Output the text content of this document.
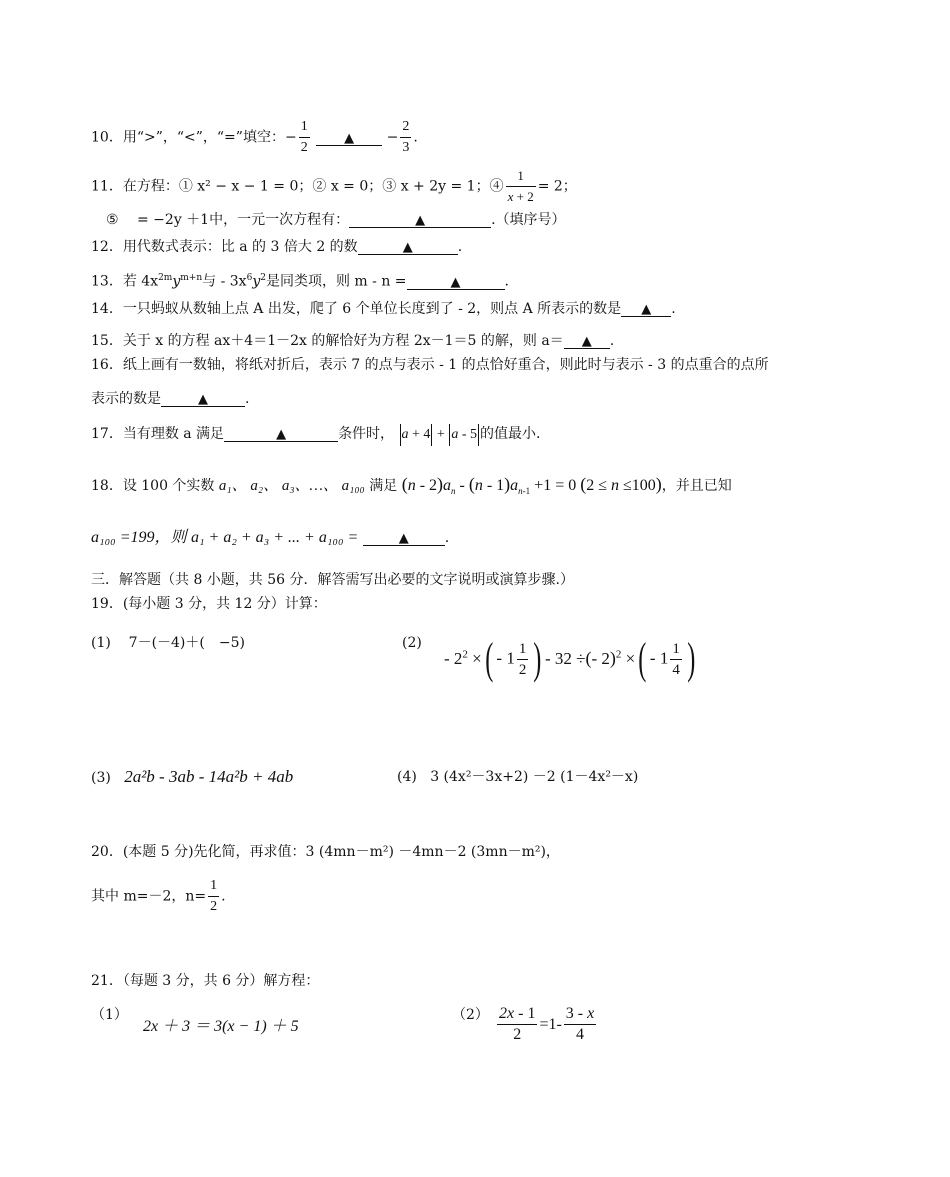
10．用“>”，“<”，“=”填空：− $\frac{1}{2}$	▲ − $\frac{2}{3}$ .
11．在方程：① x² − x − 1 = 0；② x = 0；③ x + 2y = 1；④ $\frac{1}{x + 2} = 2$；
⑤　 = −2y ＋1中，一元一次方程有：	▲	.（填序号）
12．用代数式表示：比 a 的 3 倍大 2 的数	▲	.
13．若 $4x^{2m}y^{m+n}$与 - $3x^6y^2$是同类项，则 m - n =	▲	.
14．一只蚂蚁从数轴上点 A 出发，爬了 6 个单位长度到了 - 2，则点 A 所表示的数是 ▲ .
15．关于 x 的方程 ax＋4＝1－2x 的解恰好为方程 2x－1＝5 的解，则 a＝ ▲ .
16．纸上画有一数轴，将纸对折后，表示 7 的点与表示 - 1 的点恰好重合，则此时与表示 - 3 的点重合的点所
表示的数是	▲	.
17．当有理数 a 满足	▲	条件时， a + 4 + a - 5 的值最小.
18．设 100 个实数 a₁、 a₂、 a₃、…、 a₁₀₀ 满足 $(n - 2)a_n - (n - 1)a_{n-1} +1 = 0$ (2 ≤ n ≤100)，并且已知
a₁₀₀ =199，则 a₁ + a₂ + a₃ + ... + a₁₀₀ =	▲	.
三．解答题（共 8 小题，共 56 分．解答需写出必要的文字说明或演算步骤.）
19．(每小题 3 分，共 12 分）计算：
(1) 7－(－4)＋(　−5)	(2)
- $2^2$ ×( - $1 \frac{1}{2}$ ) - 32 ÷(- 2)$^2$ ×( - $1 \frac{1}{4}$ )
(3) 2a²b - 3ab - 14a²b + 4ab	(4) 3 (4x²－3x+2) －2 (1－4x²－x)
20．(本题 5 分)先化简，再求值：3 (4mn－m²) －4mn－2 (3mn－m²)，
其中 m=－2，$n= \frac{1}{2}$ .
21．（每题 3 分，共 6 分）解方程：
（1）
2x ＋ 3 ＝ 3(x − 1) ＋ 5
$(2) \frac{2x - 1}{2} =1- \frac{3 - x}{4}$
